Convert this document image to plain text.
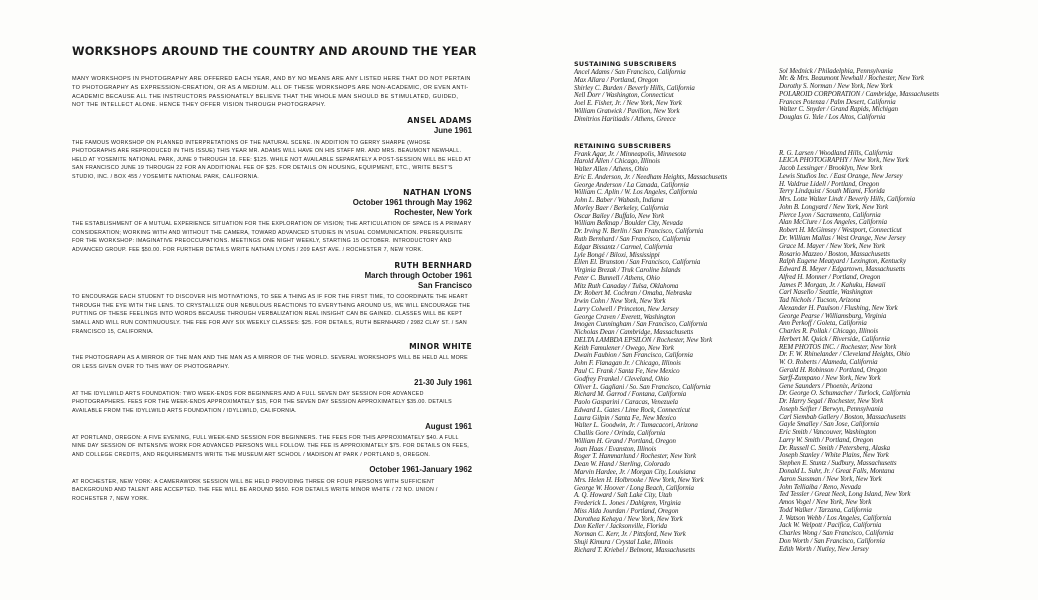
WORKSHOPS AROUND THE COUNTRY AND AROUND THE YEAR

MANY WORKSHOPS IN PHOTOGRAPHY ARE OFFERED EACH YEAR, AND BY NO MEANS ARE ANY LISTED HERE THAT DO NOT PERTAIN TO PHOTOGRAPHY AS EXPRESSION-CREATION, OR AS A MEDIUM. ALL OF THESE WORKSHOPS ARE NON-ACADEMIC, OR EVEN ANTI-ACADEMIC BECAUSE ALL THE INSTRUCTORS PASSIONATELY BELIEVE THAT THE WHOLE MAN SHOULD BE STIMULATED, GUIDED, NOT THE INTELLECT ALONE. HENCE THEY OFFER VISION THROUGH PHOTOGRAPHY.

ANSEL ADAMS
June 1961

THE FAMOUS WORKSHOP ON PLANNED INTERPRETATIONS OF THE NATURAL SCENE. IN ADDITION TO GERRY SHARPE (WHOSE PHOTOGRAPHS ARE REPRODUCED IN THIS ISSUE) THIS YEAR MR. ADAMS WILL HAVE ON HIS STAFF MR. AND MRS. BEAUMONT NEWHALL. HELD AT YOSEMITE NATIONAL PARK, JUNE 9 THROUGH 18. FEE: $125. WHILE NOT AVAILABLE SEPARATELY A POST-SESSION WILL BE HELD AT SAN FRANCISCO JUNE 19 THROUGH 22 FOR AN ADDITIONAL FEE OF $25. FOR DETAILS ON HOUSING, EQUIPMENT, ETC., WRITE BEST'S STUDIO, INC. / BOX 455 / YOSEMITE NATIONAL PARK, CALIFORNIA.

NATHAN LYONS
October 1961 through May 1962
Rochester, New York

THE ESTABLISHMENT OF A MUTUAL EXPERIENCE SITUATION FOR THE EXPLORATION OF VISION; THE ARTICULATION OF SPACE IS A PRIMARY CONSIDERATION; WORKING WITH AND WITHOUT THE CAMERA, TOWARD ADVANCED STUDIES IN VISUAL COMMUNICATION. PREREQUISITE FOR THE WORKSHOP: IMAGINATIVE PREOCCUPATIONS. MEETINGS ONE NIGHT WEEKLY, STARTING 15 OCTOBER. INTRODUCTORY AND ADVANCED GROUP. FEE $50.00. FOR FURTHER DETAILS WRITE NATHAN LYONS / 209 EAST AVE. / ROCHESTER 7, NEW YORK.

RUTH BERNHARD
March through October 1961
San Francisco

TO ENCOURAGE EACH STUDENT TO DISCOVER HIS MOTIVATIONS, TO SEE A THING AS IF FOR THE FIRST TIME, TO COORDINATE THE HEART THROUGH THE EYE WITH THE LENS. TO CRYSTALLIZE OUR NEBULOUS REACTIONS TO EVERYTHING AROUND US, WE WILL ENCOURAGE THE PUTTING OF THESE FEELINGS INTO WORDS BECAUSE THROUGH VERBALIZATION REAL INSIGHT CAN BE GAINED. CLASSES WILL BE KEPT SMALL AND WILL RUN CONTINUOUSLY. THE FEE FOR ANY SIX WEEKLY CLASSES: $25. FOR DETAILS, RUTH BERNHARD / 2982 CLAY ST. / SAN FRANCISCO 15, CALIFORNIA.

MINOR WHITE

THE PHOTOGRAPH AS A MIRROR OF THE MAN AND THE MAN AS A MIRROR OF THE WORLD. SEVERAL WORKSHOPS WILL BE HELD ALL MORE OR LESS GIVEN OVER TO THIS WAY OF PHOTOGRAPHY.

21-30 July 1961

AT THE IDYLLWILD ARTS FOUNDATION: TWO WEEK-ENDS FOR BEGINNERS AND A FULL SEVEN DAY SESSION FOR ADVANCED PHOTOGRAPHERS. FEES FOR THE WEEK-ENDS APPROXIMATELY $15, FOR THE SEVEN DAY SESSION APPROXIMATELY $35.00. DETAILS AVAILABLE FROM THE IDYLLWILD ARTS FOUNDATION / IDYLLWILD, CALIFORNIA.

August 1961

AT PORTLAND, OREGON: A FIVE EVENING, FULL WEEK-END SESSION FOR BEGINNERS. THE FEES FOR THIS APPROXIMATELY $40. A FULL NINE DAY SESSION OF INTENSIVE WORK FOR ADVANCED PERSONS WILL FOLLOW. THE FEE IS APPROXIMATELY $75. FOR DETAILS ON FEES, AND COLLEGE CREDITS, AND REQUIREMENTS WRITE THE MUSEUM ART SCHOOL / MADISON AT PARK / PORTLAND 5, OREGON.

October 1961-January 1962

AT ROCHESTER, NEW YORK: A CAMERAWORK SESSION WILL BE HELD PROVIDING THREE OR FOUR PERSONS WITH SUFFICIENT BACKGROUND AND TALENT ARE ACCEPTED. THE FEE WILL BE AROUND $650. FOR DETAILS WRITE MINOR WHITE / 72 NO. UNION / ROCHESTER 7, NEW YORK.

SUSTAINING SUBSCRIBERS
Ancel Adams / San Francisco, California
Max Allara / Portland, Oregon
Shirley C. Burden / Beverly Hills, California
Nell Dorr / Washington, Connecticut
Joel E. Fisher, Jr. / New York, New York
William Gratwick / Pavilion, New York
Dimitrios Haritiadis / Athens, Greece
Sol Mednick / Philadelphia, Pennsylvania
Mr. & Mrs. Beaumont Newhall / Rochester, New York
Dorothy S. Norman / New York, New York
POLAROID CORPORATION / Cambridge, Massachusetts
Frances Potenza / Palm Desert, California
Walter C. Snyder / Grand Rapids, Michigan
Douglas G. Yule / Los Altos, California
RETAINING SUBSCRIBERS
Frank Agar, Jr. / Minneapolis, Minnesota
Harold Allen / Chicago, Illinois
Walter Allen / Athens, Ohio
Eric E. Anderson, Jr. / Needham Heights, Massachusetts
George Anderson / La Canada, California
William C. Aplin / W. Los Angeles, California
John L. Baber / Wabash, Indiana
Morley Baer / Berkeley, California
Oscar Bailey / Buffalo, New York
William Belknap / Boulder City, Nevada
Dr. Irving N. Berlin / San Francisco, California
Ruth Bernhard / San Francisco, California
Edgar Bissantz / Carmel, California
Lyle Bongé / Biloxi, Mississippi
Ellen El. Brunston / San Francisco, California
Virginia Brezak / Truk Caroline Islands
Peter C. Bunnell / Athens, Ohio
Mitz Ruth Canaday / Tulsa, Oklahoma
Dr. Robert M. Cochran / Omaha, Nebraska
Irwin Cohn / New York, New York
Larry Colwell / Princeton, New Jersey
George Craven / Everett, Washington
Imogen Cunningham / San Francisco, California
Nicholas Dean / Cambridge, Massachusetts
DELTA LAMBDA EPSILON / Rochester, New York
Keith Famulener / Owego, New York
Dwain Faubion / San Francisco, California
John F. Flanagan Jr. / Chicago, Illinois
Paul C. Frank / Santa Fe, New Mexico
Godfrey Frankel / Cleveland, Ohio
Oliver L. Gagliani / So. San Francisco, California
Richard M. Garrod / Fontana, California
Paolo Gasparini / Caracas, Venezuela
Edward L. Gates / Lime Rock, Connecticut
Laura Gilpin / Santa Fe, New Mexico
Walter L. Goodwin, Jr. / Tumacacori, Arizona
Challis Gore / Orinda, California
William H. Grand / Portland, Oregon
Joan Haas / Evanston, Illinois
Roger T. Hammarlund / Rochester, New York
Dean W. Hand / Sterling, Colorado
Marvin Hardee, Jr. / Morgan City, Louisiana
Mrs. Helen H. Holbrooke / New York, New York
George W. Hoover / Long Beach, California
A. Q. Howard / Salt Lake City, Utah
Frederick L. Jones / Dahlgren, Virginia
Miss Alda Jourdan / Portland, Oregon
Dorothea Kehaya / New York, New York
Don Keller / Jacksonville, Florida
Norman C. Kerr, Jr. / Pittsford, New York
Shuji Kimura / Crystal Lake, Illinois
Richard T. Kriebel / Belmont, Massachusetts
R. G. Larsen / Woodland Hills, California
LEICA PHOTOGRAPHY / New York, New York
Jacob Lessinger / Brooklyn, New York
Lewis Studios Inc. / East Orange, New Jersey
H. Valdrue Lidell / Portland, Oregon
Terry Lindquist / South Miami, Florida
Mrs. Lotte Walter Lindt / Beverly Hills, California
John B. Longyard / New York, New York
Pierce Lyon / Sacramento, California
Alan McClure / Los Angeles, California
Robert H. McGimsey / Westport, Connecticut
Dr. William Mallas / West Orange, New Jersey
Grace M. Mayer / New York, New York
Rosario Mazzeo / Boston, Massachusetts
Ralph Eugene Meatyard / Lexington, Kentucky
Edward B. Meyer / Edgartown, Massachusetts
Alfred H. Monner / Portland, Oregon
James P. Morgan, Jr. / Kahuku, Hawaii
Carl Nasello / Seattle, Washington
Tad Nichols / Tucson, Arizona
Alexander H. Paulson / Flushing, New York
George Pearse / Williamsburg, Virginia
Ann Perkoff / Goleta, California
Charles R. Pollak / Chicago, Illinois
Herbert M. Quick / Riverside, California
REM PHOTOS INC. / Rochester, New York
Dr. F. W. Rhinelander / Cleveland Heights, Ohio
W. O. Roberts / Alameda, California
Gerald H. Robinson / Portland, Oregon
Sarff-Zumpano / New York, New York
Gene Saunders / Phoenix, Arizona
Dr. George O. Schumacher / Turlock, California
Dr. Harry Segal / Rochester, New York
Joseph Seifter / Berwyn, Pennsylvania
Carl Siembab Gallery / Boston, Massachusetts
Gayle Smalley / San Jose, California
Eric Smith / Vancouver, Washington
Larry W. Smith / Portland, Oregon
Dr. Russell C. Smith / Petersberg, Alaska
Joseph Stanley / White Plains, New York
Stephen E. Stuntz / Sudbury, Massachusetts
Donald L. Suhr, Jr. / Great Falls, Montana
Aaron Sussman / New York, New York
John Telliaiba / Reno, Nevada
Ted Tessler / Great Neck, Long Island, New York
Amos Vogel / New York, New York
Todd Walker / Tarzana, California
J. Watson Webb / Los Angeles, California
Jack W. Welpott / Pacifica, California
Charles Wong / San Francisco, California
Don Worth / San Francisco, California
Edith Worth / Nutley, New Jersey
